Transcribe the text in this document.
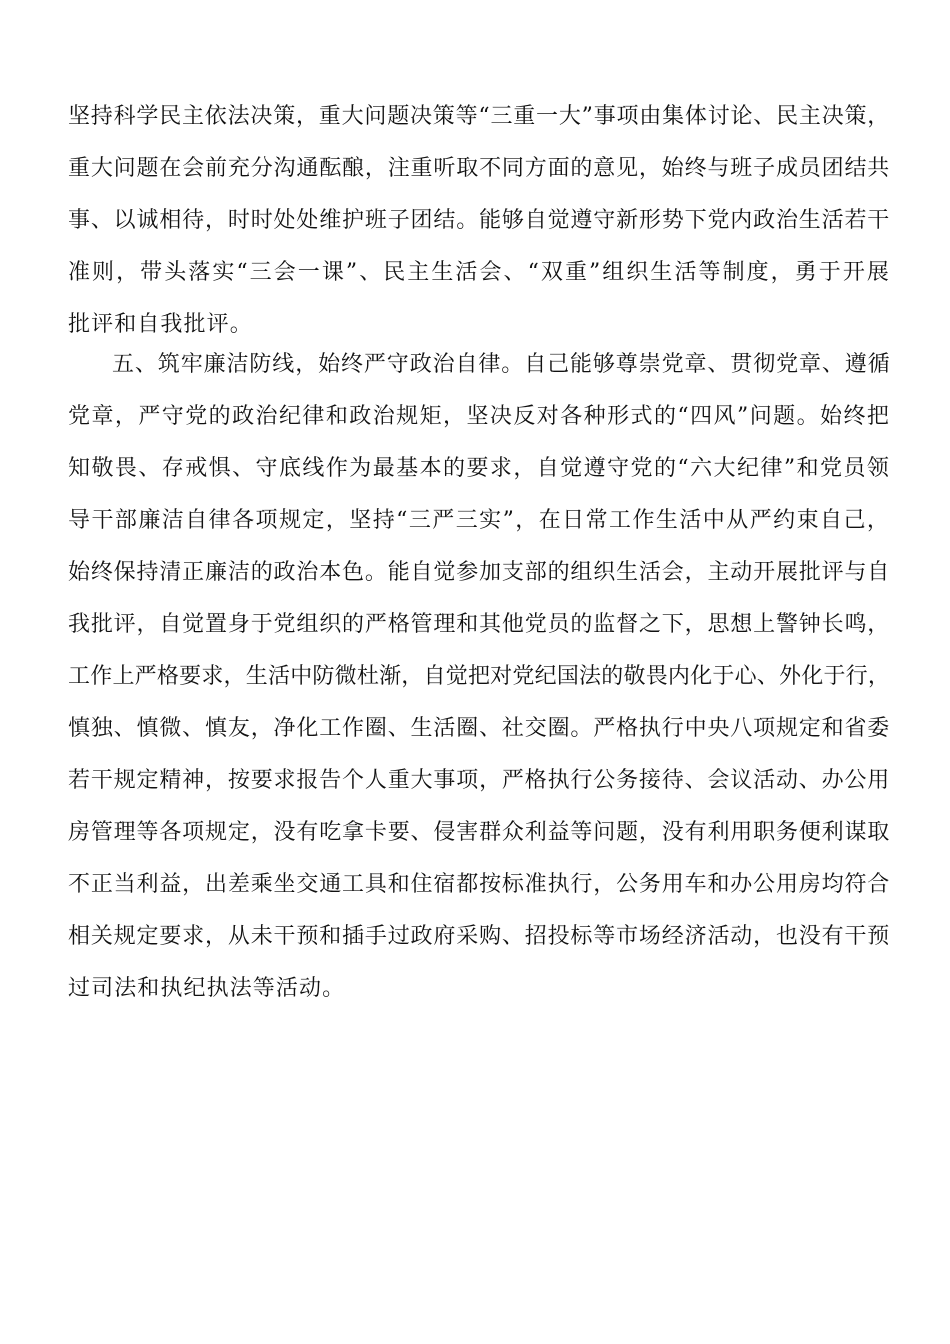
坚持科学民主依法决策，重大问题决策等“三重一大”事项由集体讨论、民主决策，
重大问题在会前充分沟通酝酿，注重听取不同方面的意见，始终与班子成员团结共
事、以诚相待，时时处处维护班子团结。能够自觉遵守新形势下党内政治生活若干
准则，带头落实“三会一课”、民主生活会、“双重”组织生活等制度，勇于开展
批评和自我批评。
五、筑牢廉洁防线，始终严守政治自律。自己能够尊崇党章、贯彻党章、遵循
党章，严守党的政治纪律和政治规矩，坚决反对各种形式的“四风”问题。始终把
知敬畏、存戒惧、守底线作为最基本的要求，自觉遵守党的“六大纪律”和党员领
导干部廉洁自律各项规定，坚持“三严三实”，在日常工作生活中从严约束自己，
始终保持清正廉洁的政治本色。能自觉参加支部的组织生活会，主动开展批评与自
我批评，自觉置身于党组织的严格管理和其他党员的监督之下，思想上警钟长鸣，
工作上严格要求，生活中防微杜渐，自觉把对党纪国法的敬畏内化于心、外化于行，
慎独、慎微、慎友，净化工作圈、生活圈、社交圈。严格执行中央八项规定和省委
若干规定精神，按要求报告个人重大事项，严格执行公务接待、会议活动、办公用
房管理等各项规定，没有吃拿卡要、侵害群众利益等问题，没有利用职务便利谋取
不正当利益，出差乘坐交通工具和住宿都按标准执行，公务用车和办公用房均符合
相关规定要求，从未干预和插手过政府采购、招投标等市场经济活动，也没有干预
过司法和执纪执法等活动。
